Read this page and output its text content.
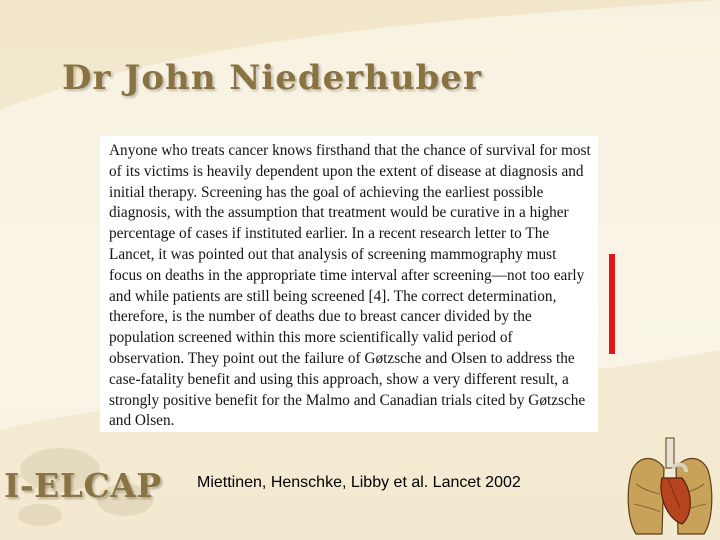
Dr John Niederhuber

Anyone who treats cancer knows firsthand that the chance of survival for most of its victims is heavily dependent upon the extent of disease at diagnosis and initial therapy. Screening has the goal of achieving the earliest possible diagnosis, with the assumption that treatment would be curative in a higher percentage of cases if instituted earlier. In a recent research letter to The Lancet, it was pointed out that analysis of screening mammography must focus on deaths in the appropriate time interval after screening—not too early and while patients are still being screened [4]. The correct determination, therefore, is the number of deaths due to breast cancer divided by the population screened within this more scientifically valid period of observation. They point out the failure of Gøtzsche and Olsen to address the case-fatality benefit and using this approach, show a very different result, a strongly positive benefit for the Malmo and Canadian trials cited by Gøtzsche and Olsen.

I-ELCAP Miettinen, Henschke, Libby et al. Lancet 2002
